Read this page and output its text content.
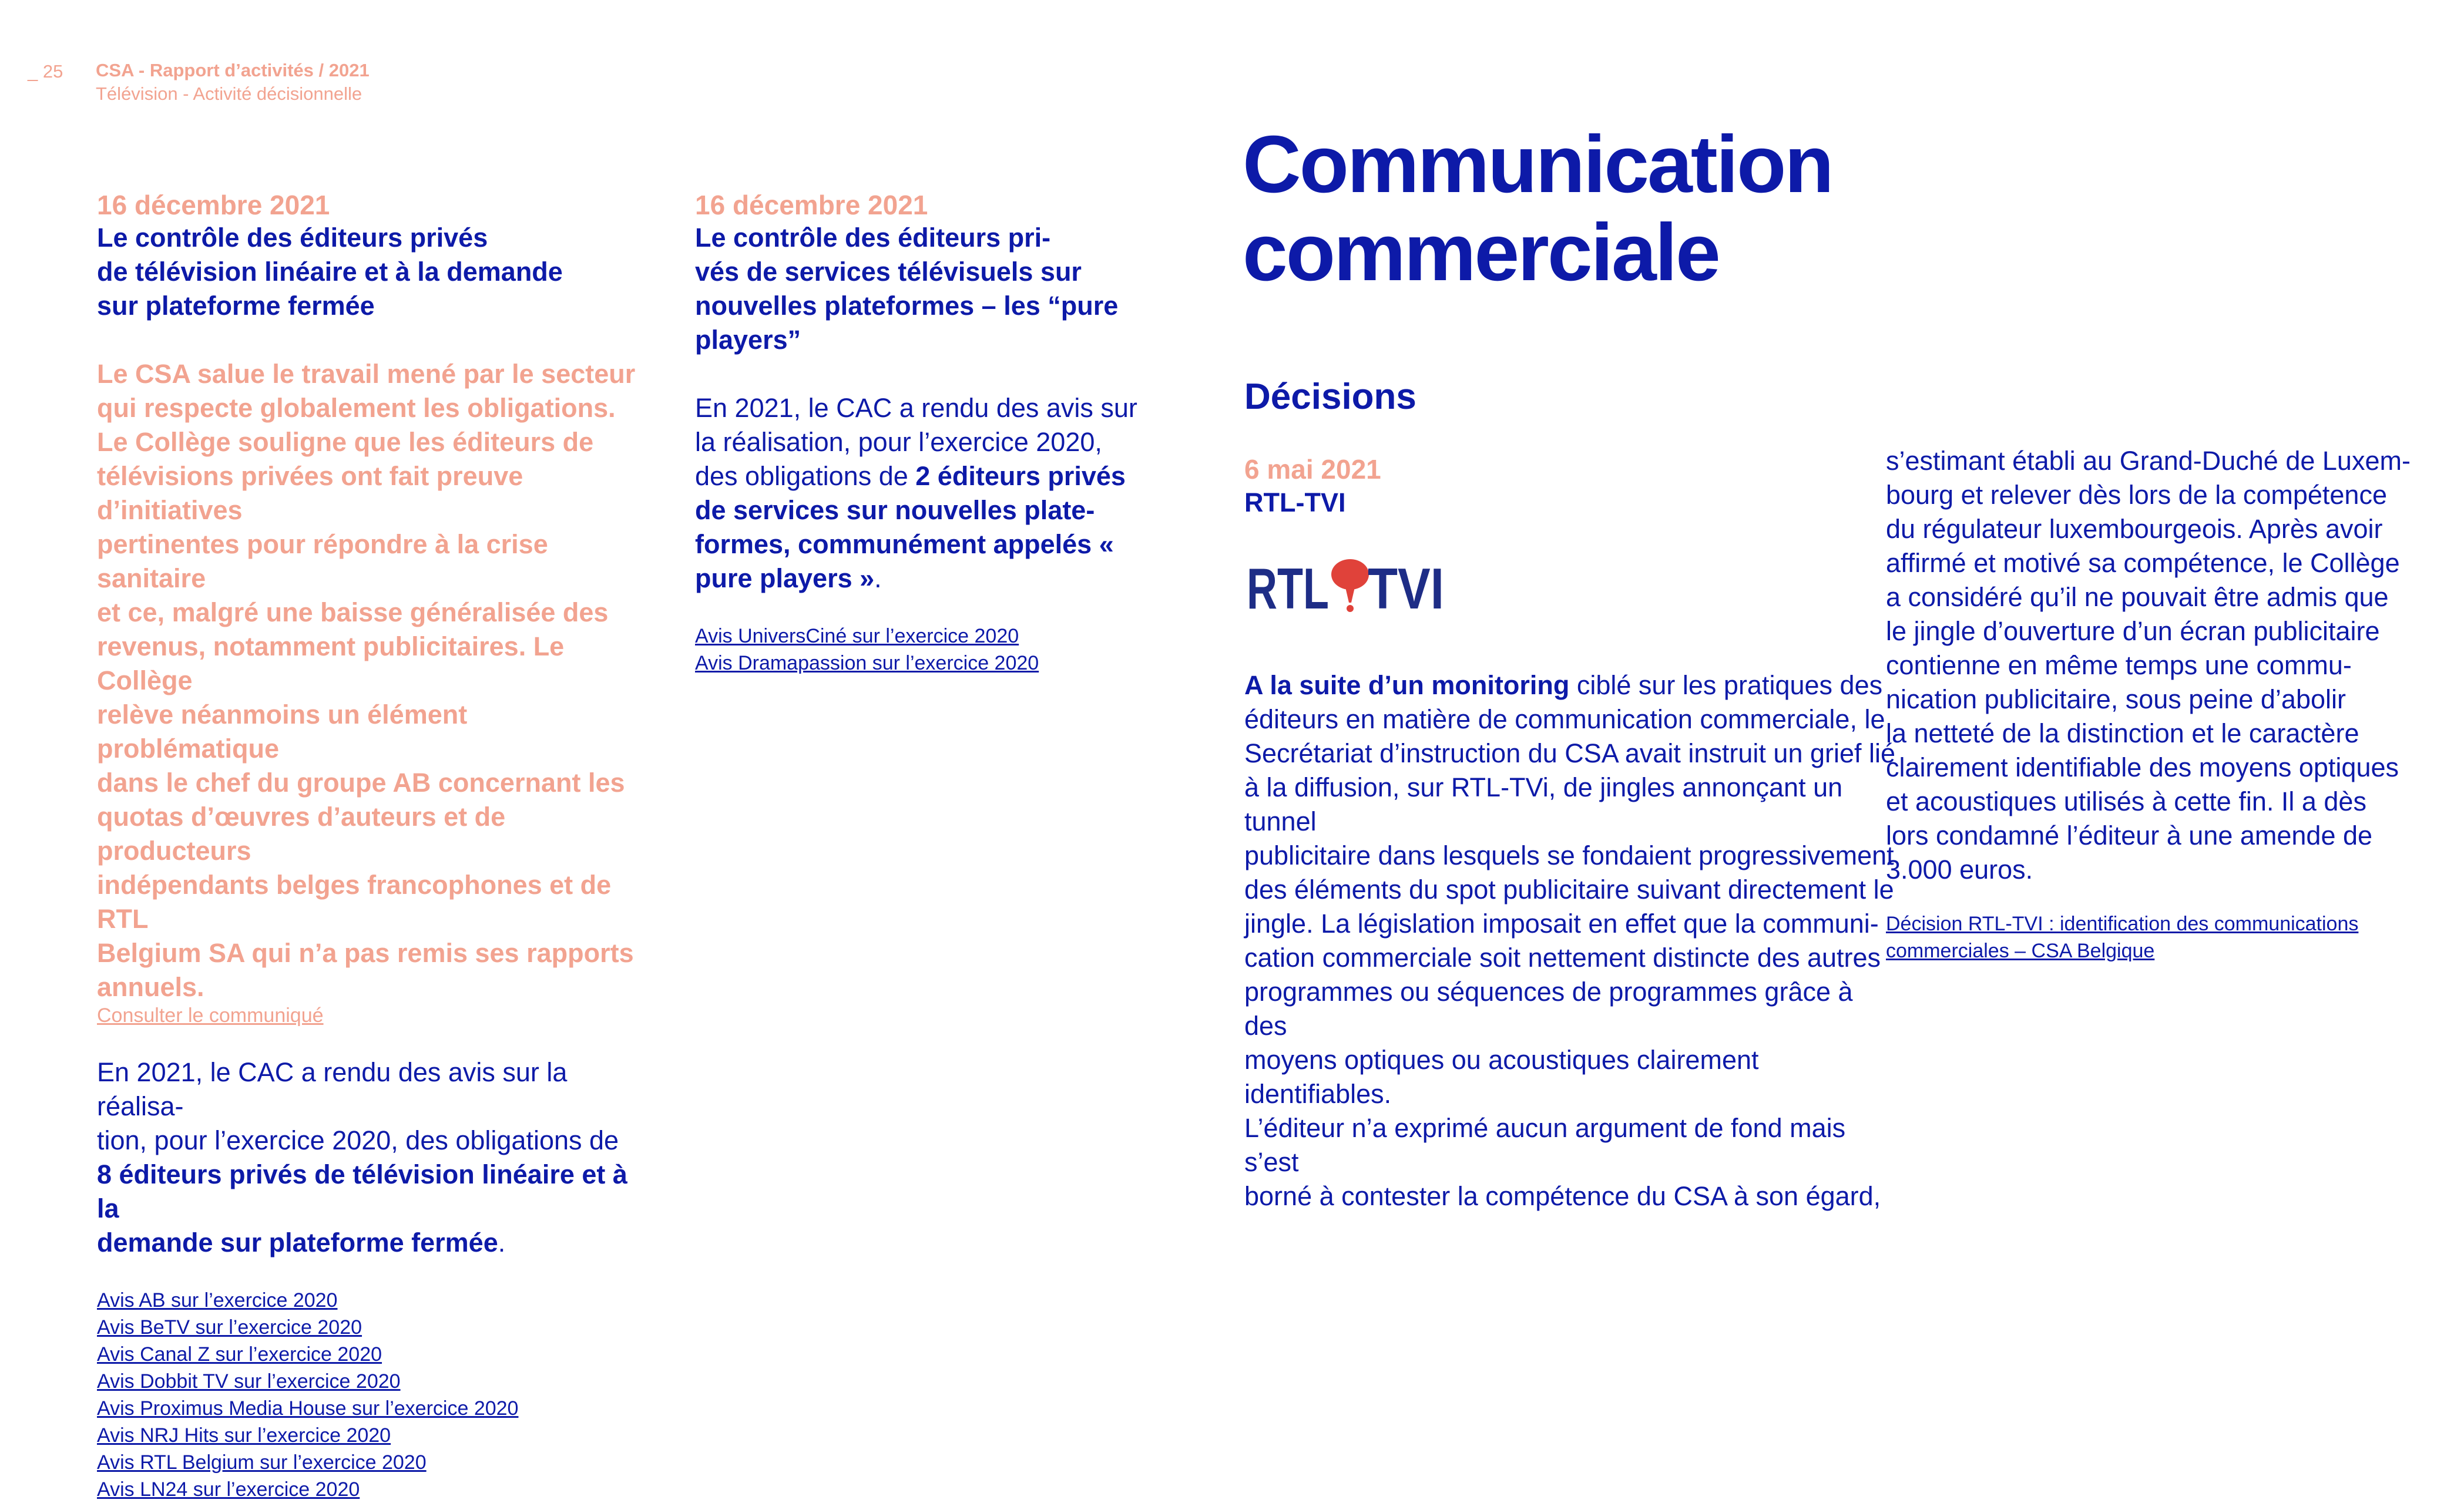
_ 25 CSA - Rapport d’activités / 2021
Télévision - Activité décisionnelle
16 décembre 2021
Le contrôle des éditeurs privés
de télévision linéaire et à la demande
sur plateforme fermée
Le CSA salue le travail mené par le secteur
qui respecte globalement les obligations.
Le Collège souligne que les éditeurs de
télévisions privées ont fait preuve d’initiatives
pertinentes pour répondre à la crise sanitaire
et ce, malgré une baisse généralisée des
revenus, notamment publicitaires. Le Collège
relève néanmoins un élément problématique
dans le chef du groupe AB concernant les
quotas d’œuvres d’auteurs et de producteurs
indépendants belges francophones et de RTL
Belgium SA qui n’a pas remis ses rapports
annuels.
Consulter le communiqué
En 2021, le CAC a rendu des avis sur la réalisa-
tion, pour l’exercice 2020, des obligations de
8 éditeurs privés de télévision linéaire et à la
demande sur plateforme fermée.
Avis AB sur l’exercice 2020
Avis BeTV sur l’exercice 2020
Avis Canal Z sur l’exercice 2020
Avis Dobbit TV sur l’exercice 2020
Avis Proximus Media House sur l’exercice 2020
Avis NRJ Hits sur l’exercice 2020
Avis RTL Belgium sur l’exercice 2020
Avis LN24 sur l’exercice 2020
16 décembre 2021
Le contrôle des éditeurs pri-
vés de services télévisuels sur
nouvelles plateformes – les “pure
players”
En 2021, le CAC a rendu des avis sur
la réalisation, pour l’exercice 2020,
des obligations de 2 éditeurs privés
de services sur nouvelles plate-
formes, communément appelés «
pure players ».
Avis UniversCiné sur l’exercice 2020
Avis Dramapassion sur l’exercice 2020
Communication
commerciale
Décisions
6 mai 2021
RTL-TVI
RTL TVI
A la suite d’un monitoring ciblé sur les pratiques des
éditeurs en matière de communication commerciale, le
Secrétariat d’instruction du CSA avait instruit un grief lié
à la diffusion, sur RTL-TVi, de jingles annonçant un tunnel
publicitaire dans lesquels se fondaient progressivement
des éléments du spot publicitaire suivant directement le
jingle. La législation imposait en effet que la communi-
cation commerciale soit nettement distincte des autres
programmes ou séquences de programmes grâce à des
moyens optiques ou acoustiques clairement identifiables.
L’éditeur n’a exprimé aucun argument de fond mais s’est
borné à contester la compétence du CSA à son égard,
s’estimant établi au Grand-Duché de Luxem-
bourg et relever dès lors de la compétence
du régulateur luxembourgeois. Après avoir
affirmé et motivé sa compétence, le Collège
a considéré qu’il ne pouvait être admis que
le jingle d’ouverture d’un écran publicitaire
contienne en même temps une commu-
nication publicitaire, sous peine d’abolir
la netteté de la distinction et le caractère
clairement identifiable des moyens optiques
et acoustiques utilisés à cette fin. Il a dès
lors condamné l’éditeur à une amende de
3.000 euros.
Décision RTL-TVI : identification des communications
commerciales – CSA Belgique
